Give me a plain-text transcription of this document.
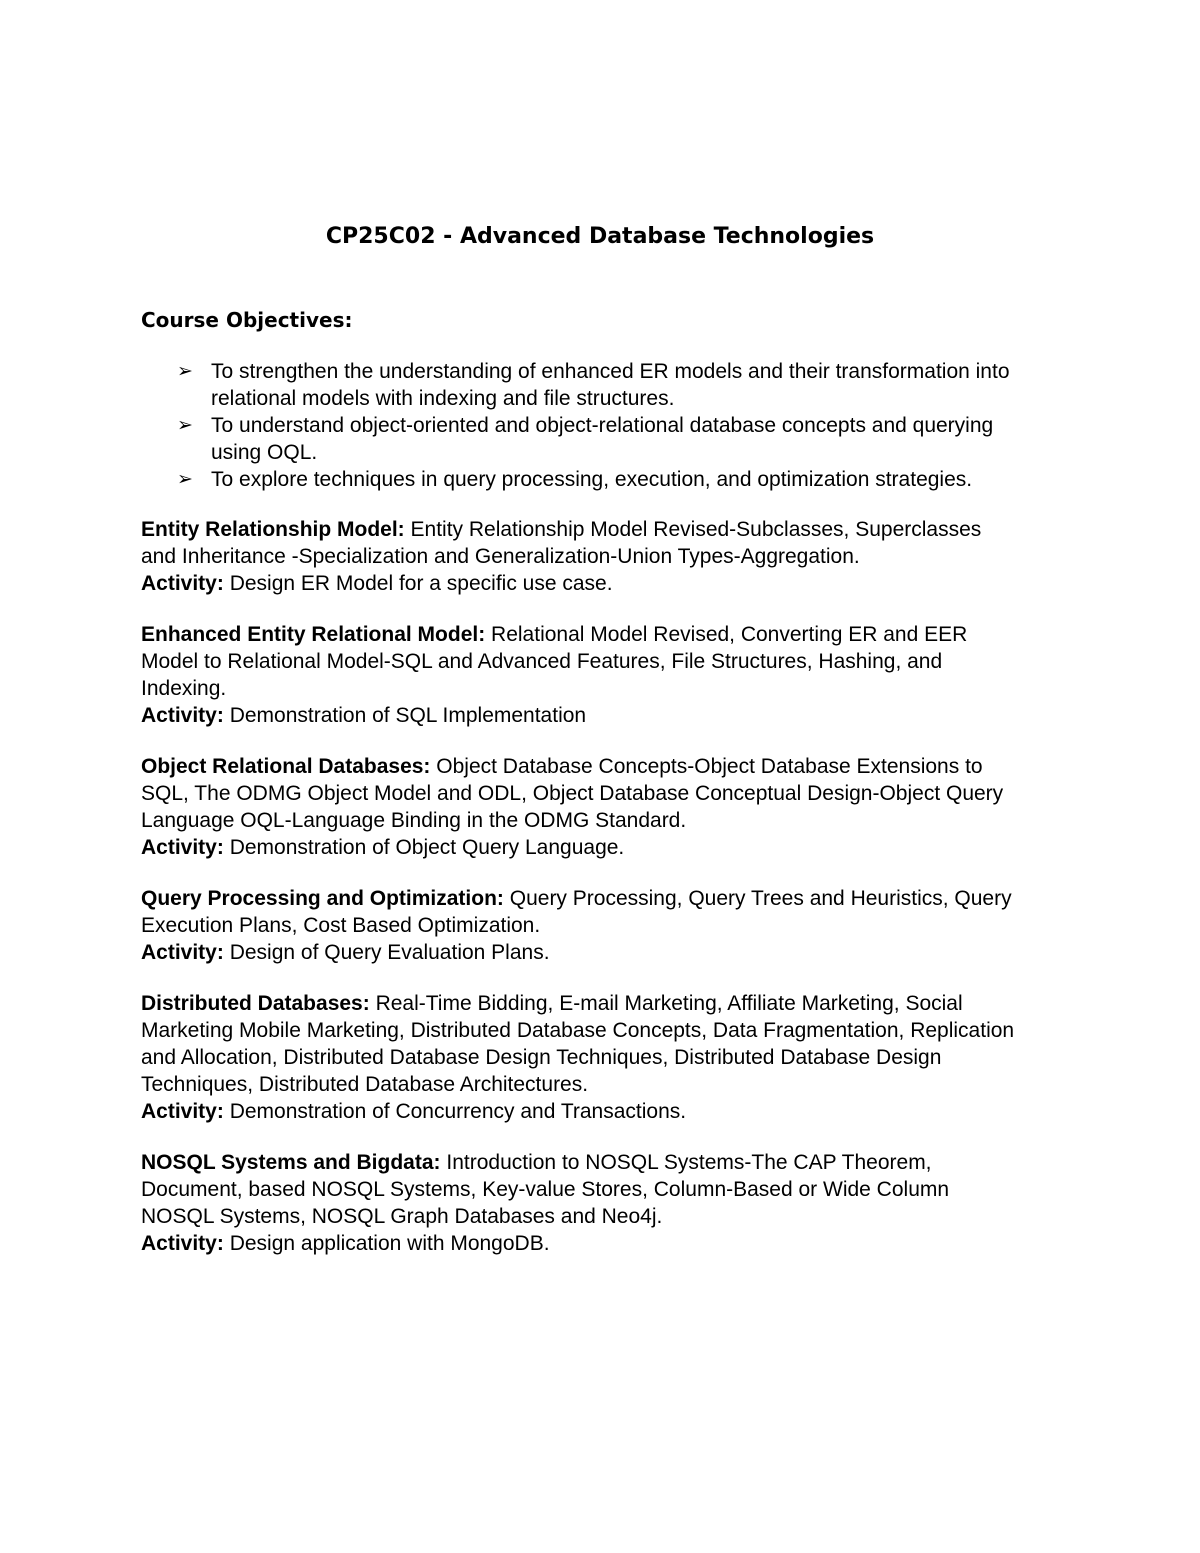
CP25C02 - Advanced Database Technologies
Course Objectives:
➢ To strengthen the understanding of enhanced ER models and their transformation into relational models with indexing and file structures.
➢ To understand object-oriented and object-relational database concepts and querying using OQL.
➢ To explore techniques in query processing, execution, and optimization strategies.

Entity Relationship Model: Entity Relationship Model Revised-Subclasses, Superclasses and Inheritance -Specialization and Generalization-Union Types-Aggregation.

Activity: Design ER Model for a specific use case.

Enhanced Entity Relational Model: Relational Model Revised, Converting ER and EER Model to Relational Model-SQL and Advanced Features, File Structures, Hashing, and Indexing.

Activity: Demonstration of SQL Implementation

Object Relational Databases: Object Database Concepts-Object Database Extensions to SQL, The ODMG Object Model and ODL, Object Database Conceptual Design-Object Query Language OQL-Language Binding in the ODMG Standard.

Activity: Demonstration of Object Query Language.

Query Processing and Optimization: Query Processing, Query Trees and Heuristics, Query Execution Plans, Cost Based Optimization.

Activity: Design of Query Evaluation Plans.

Distributed Databases: Real-Time Bidding, E-mail Marketing, Affiliate Marketing, Social Marketing Mobile Marketing, Distributed Database Concepts, Data Fragmentation, Replication and Allocation, Distributed Database Design Techniques, Distributed Database Design Techniques, Distributed Database Architectures.

Activity: Demonstration of Concurrency and Transactions.

NOSQL Systems and Bigdata: Introduction to NOSQL Systems-The CAP Theorem, Document, based NOSQL Systems, Key-value Stores, Column-Based or Wide Column NOSQL Systems, NOSQL Graph Databases and Neo4j.

Activity: Design application with MongoDB.
